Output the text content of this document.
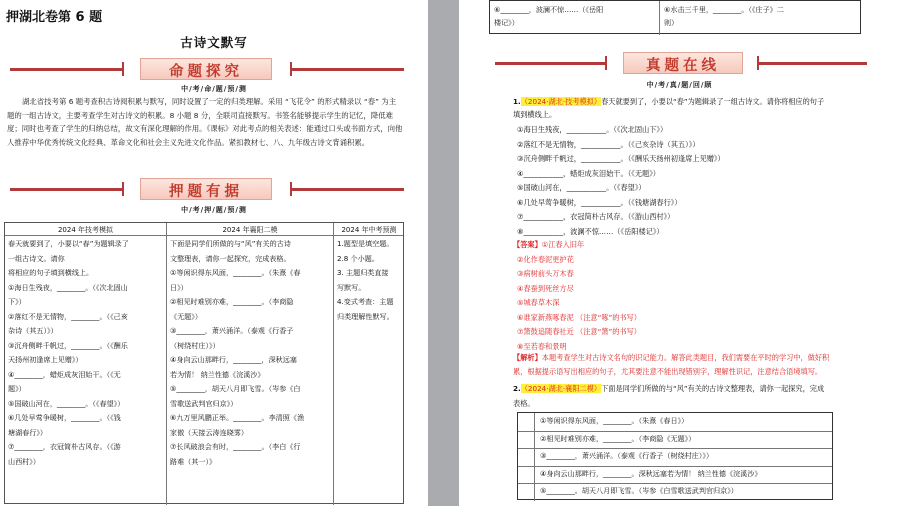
押湖北卷第 6 题
古诗文默写
命题探究
中/考/命/题/预/测
湖北省技考第 6 题考查积古诗阅积累与默写，同时设置了一定的归类理解。采用 “飞花令” 的形式精录以 “春” 为主题的一组古诗文，主要考查学生对古诗文的积累。8 小题 8 分，全联司直接默写。书签名能够提示学生的记忆，降低难度；同时也考查了学生的归纳总结，故文有深化理解的作用。《课标》对此考点的相关表述：能通过口头或书面方式，向他人推荐中华优秀传统文化经典、革命文化和社会主义先进文化作品。紧扣教材七、八、九年级古诗文背诵积累。
押题有据
中/考/押/题/预/测
2024 年技考模拟	2024 年襄阳二模	2024 年中考预测
春天就要到了，小要以“春”为题辑录了
一组古诗文。请你
将相应的句子填到横线上。
①海日生残夜，________。（《次北固山
下》）
②落红不是无情物，________。（《己亥
杂诗（其五）》）
③沉舟侧畔千帆过，________。（《酬乐
天扬州初逢席上见赠》）
④________，蜡炬成灰泪始干。（《无
题》）
⑤国破山河在，________。（《春望》）
⑥几处早莺争暖树，________。（《钱
塘湖春行》）
⑦________，衣冠简朴古风存。（《游
山西村》）
下面是同学们所做的与“风”有关的古诗
文整理表，请你一起探究，完成表格。
①等闲识得东风面，________。（朱熹《春
日》）
②相见时难别亦难，________。（李商隐
《无题》）
③________，萧兴涌洋。（泰观《行香子
（树绕村庄）》）
④身向云山那畔行，________，深秋远塞
若为情！ 纳兰性德《浣溪沙》
⑤________，胡天八月即飞雪。（岑参《白
雪歌送武判官归京》）
⑥九万里风鹏正举。________。李清照《渔
家傲（天接云涛连晓雾）
⑦长风破浪会有时，________。（李白《行
路难（其一）》
1.题型是填空题。
2.8 个小题。
3. 主题归类直接
写默写。
4.变式考查：主题
归类理解性默写。
⑥________，波澜不惊……（《岳阳
楼记》）
⑥水击三千里，________。（《庄子》二
则）
真题在线
中/考/真/题/回/顾
1.（2024·湖北·技考模拟）春天就要到了，小要以“春”为题辑录了一组古诗文。请你将相应的句子
填到横线上。
①海日生残夜，___________。（《次北固山下》）
②落红不是无情物，___________。（《己亥杂诗（其五）》）
③沉舟侧畔千帆过，___________。（《酬乐天扬州初逢席上见赠》）
④___________，蜡炬成灰泪始干。（《无题》）
⑤国破山河在，___________。（《春望》）
⑥几处早莺争暖树，___________。（《钱塘湖春行》）
⑦___________，衣冠简朴古风存。（《游山西村》）
⑧___________，波澜不惊……（《岳阳楼记》）
【答案】①江春入旧年
②化作春泥更护花
③病树前头万木春
④春蚕到死丝方尽
⑤城春草木深
⑥谁家新燕啄春泥 （注意“啄”的书写）
⑦箫鼓追随春社近 （注意“箫”的书写）
⑧至若春和景明
【解析】本题考查学生对古诗文名句的识记能力。解答此类题目，我们需要在平时的学习中，做好积
累，根据提示语写出相应的句子，尤其要注意不能出现错别字，理解性识记，注意结合语境填写。
2.（2024·湖北·襄阳二模）下面是同学们所做的与“风”有关的古诗文整理表，请你一起探究，完成
表格。
①等闲识得东风面，________。（朱熹《春日》）
②相见时难别亦难，________。（李商隐《无题》）
③________，萧兴涌洋。（泰观《行香子（树绕村庄）》）
④身向云山那畔行，________。深秋远塞若为情！ 纳兰性德《浣溪沙》
⑤________。胡天八月即飞雪。（岑参《白雪歌送武判官归京》）
